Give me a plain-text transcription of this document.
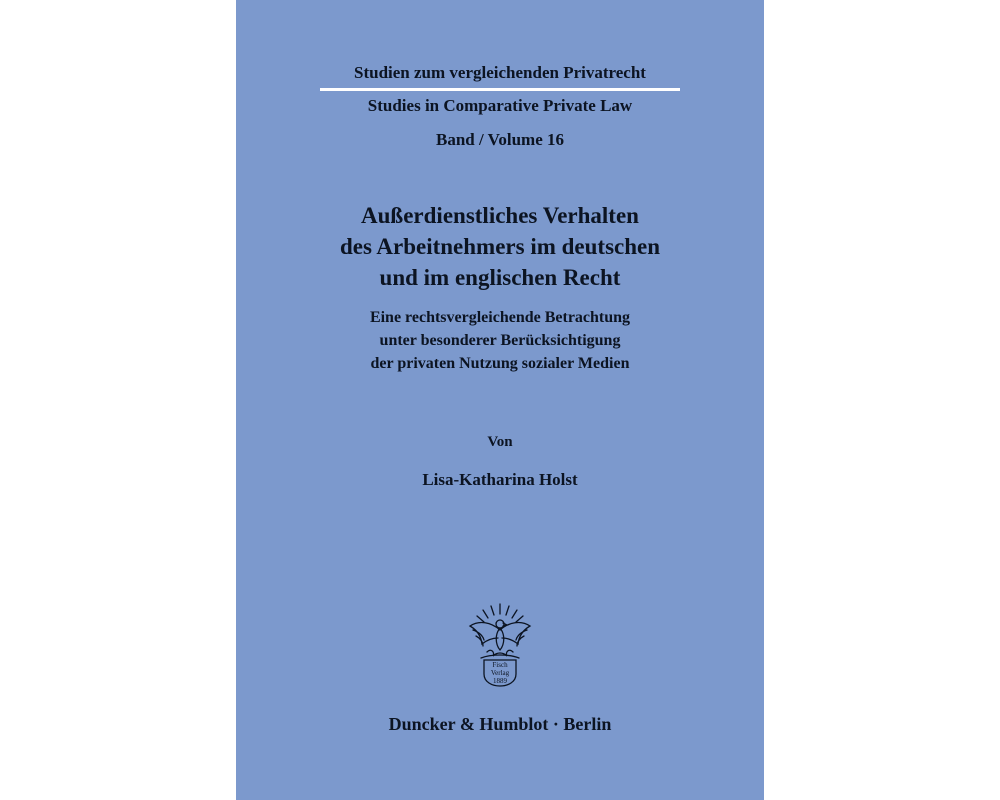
Studien zum vergleichenden Privatrecht
Studies in Comparative Private Law
Band / Volume 16
Außerdienstliches Verhalten
des Arbeitnehmers im deutschen
und im englischen Recht
Eine rechtsvergleichende Betrachtung
unter besonderer Berücksichtigung
der privaten Nutzung sozialer Medien
Von
Lisa-Katharina Holst
Fisch
Verlag
1889
Duncker & Humblot · Berlin
